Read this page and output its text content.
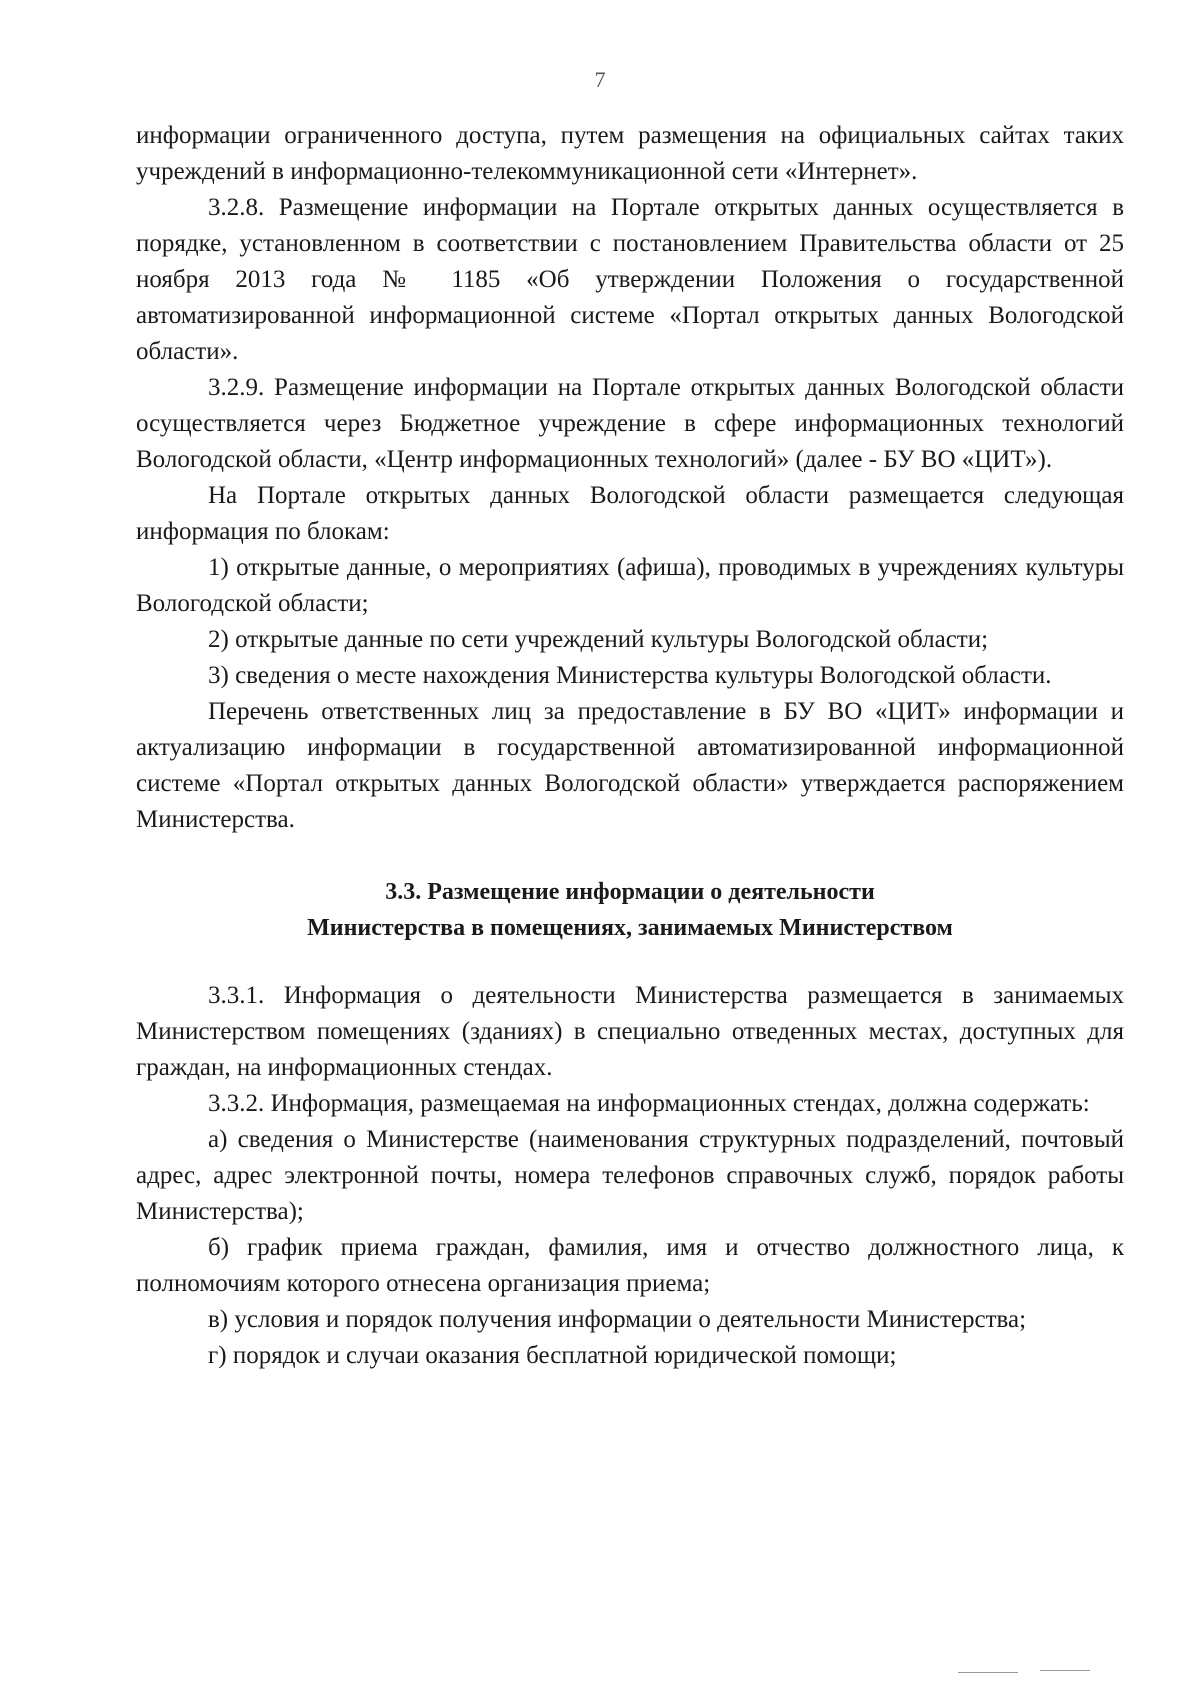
7

информации ограниченного доступа, путем размещения на официальных сайтах таких учреждений в информационно-телекоммуникационной сети «Интернет».

3.2.8. Размещение информации на Портале открытых данных осуществляется в порядке, установленном в соответствии с постановлением Правительства области от 25 ноября 2013 года № 1185 «Об утверждении Положения о государственной автоматизированной информационной системе «Портал открытых данных Вологодской области».

3.2.9. Размещение информации на Портале открытых данных Вологодской области осуществляется через Бюджетное учреждение в сфере информационных технологий Вологодской области, «Центр информационных технологий» (далее - БУ ВО «ЦИТ»).

На Портале открытых данных Вологодской области размещается следующая информация по блокам:

1) открытые данные, о мероприятиях (афиша), проводимых в учреждениях культуры Вологодской области;

2) открытые данные по сети учреждений культуры Вологодской области;

3) сведения о месте нахождения Министерства культуры Вологодской области.

Перечень ответственных лиц за предоставление в БУ ВО «ЦИТ» информации и актуализацию информации в государственной автоматизированной информационной системе «Портал открытых данных Вологодской области» утверждается распоряжением Министерства.

3.3. Размещение информации о деятельности
Министерства в помещениях, занимаемых Министерством

3.3.1. Информация о деятельности Министерства размещается в занимаемых Министерством помещениях (зданиях) в специально отведенных местах, доступных для граждан, на информационных стендах.

3.3.2. Информация, размещаемая на информационных стендах, должна содержать:

а) сведения о Министерстве (наименования структурных подразделений, почтовый адрес, адрес электронной почты, номера телефонов справочных служб, порядок работы Министерства);

б) график приема граждан, фамилия, имя и отчество должностного лица, к полномочиям которого отнесена организация приема;

в) условия и порядок получения информации о деятельности Министерства;

г) порядок и случаи оказания бесплатной юридической помощи;
